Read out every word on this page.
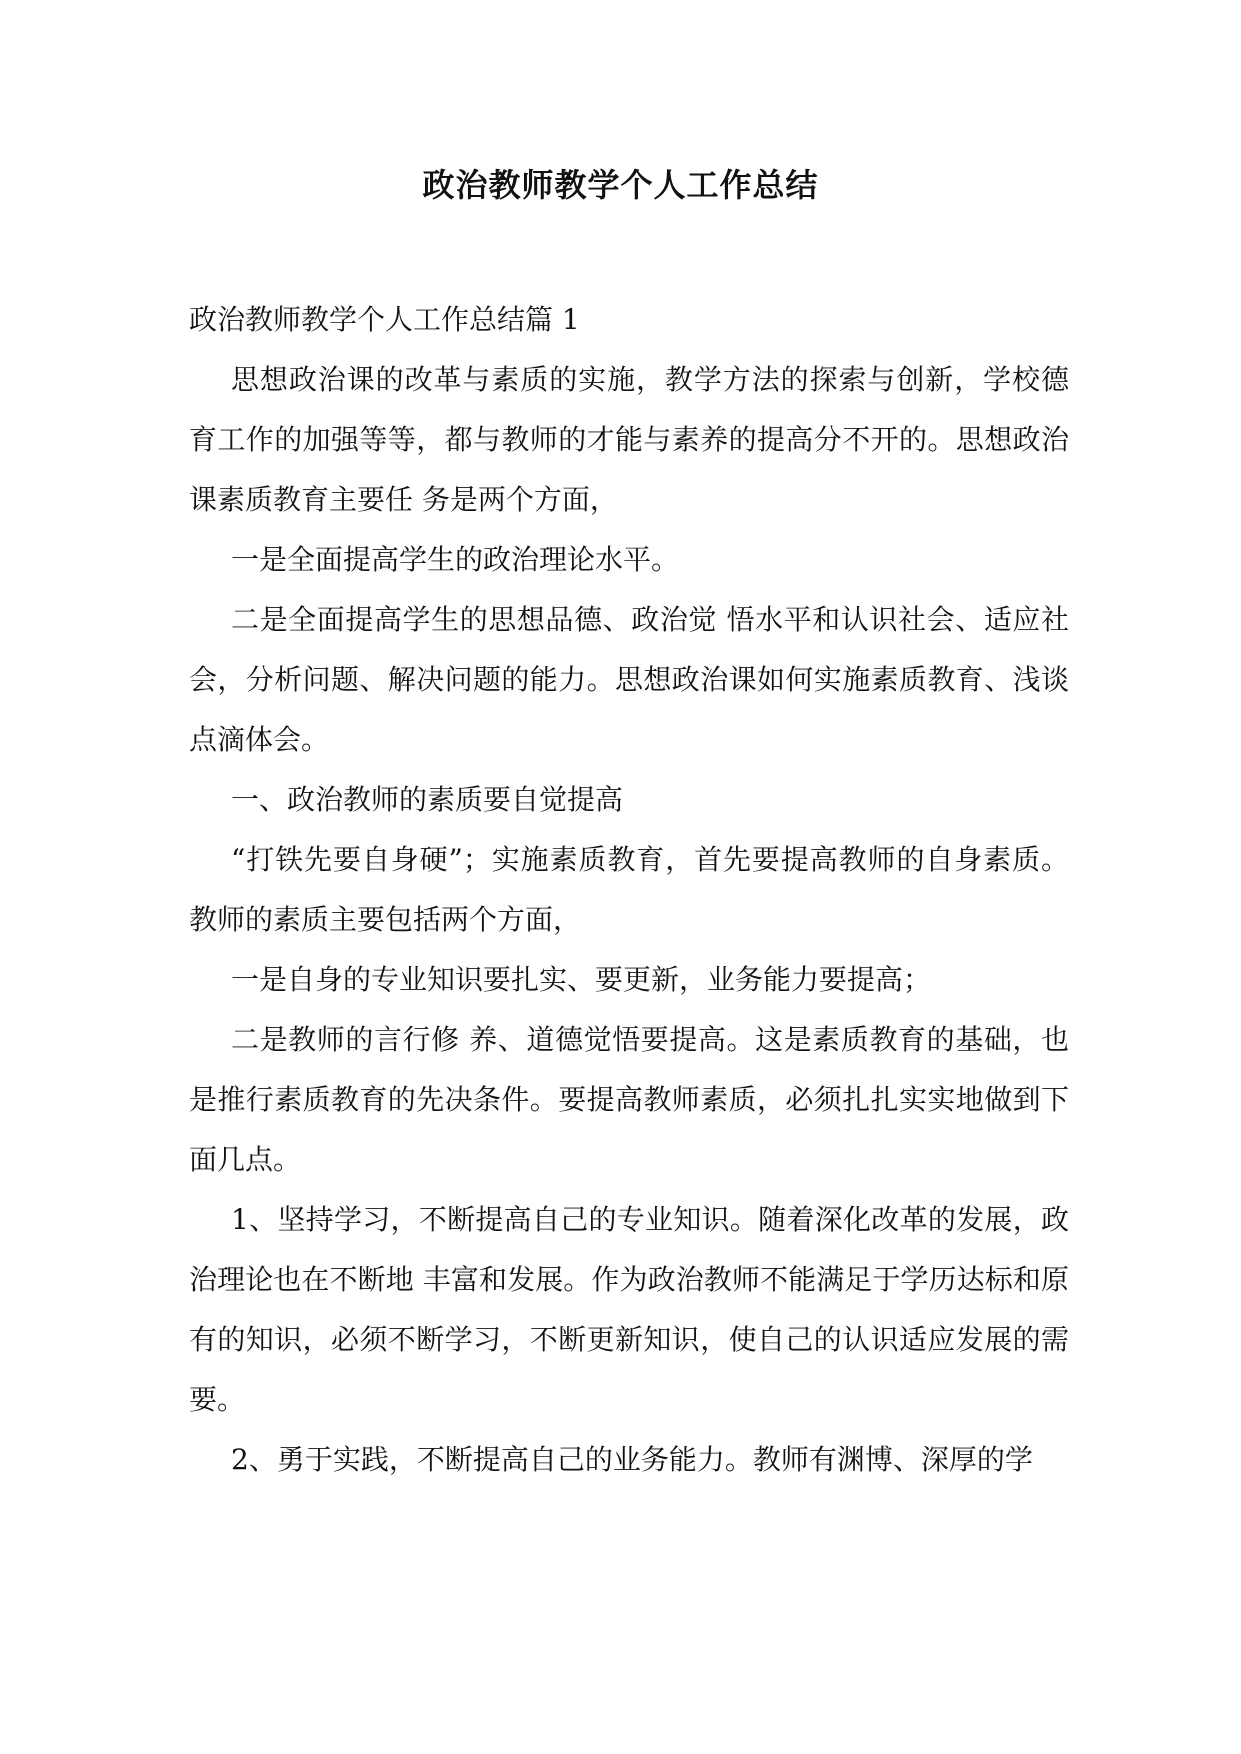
政治教师教学个人工作总结

政治教师教学个人工作总结篇 1

思想政治课的改革与素质的实施，教学方法的探索与创新，学校德育工作的加强等等，都与教师的才能与素养的提高分不开的。思想政治课素质教育主要任 务是两个方面，

一是全面提高学生的政治理论水平。

二是全面提高学生的思想品德、政治觉 悟水平和认识社会、适应社会，分析问题、解决问题的能力。思想政治课如何实施素质教育、浅谈点滴体会。

一、政治教师的素质要自觉提高

“打铁先要自身硬”；实施素质教育，首先要提高教师的自身素质。教师的素质主要包括两个方面，

一是自身的专业知识要扎实、要更新，业务能力要提高；

二是教师的言行修 养、道德觉悟要提高。这是素质教育的基础，也是推行素质教育的先决条件。要提高教师素质，必须扎扎实实地做到下面几点。

1、坚持学习，不断提高自己的专业知识。随着深化改革的发展，政治理论也在不断地 丰富和发展。作为政治教师不能满足于学历达标和原有的知识，必须不断学习，不断更新知识，使自己的认识适应发展的需要。

2、勇于实践，不断提高自己的业务能力。教师有渊博、深厚的学
